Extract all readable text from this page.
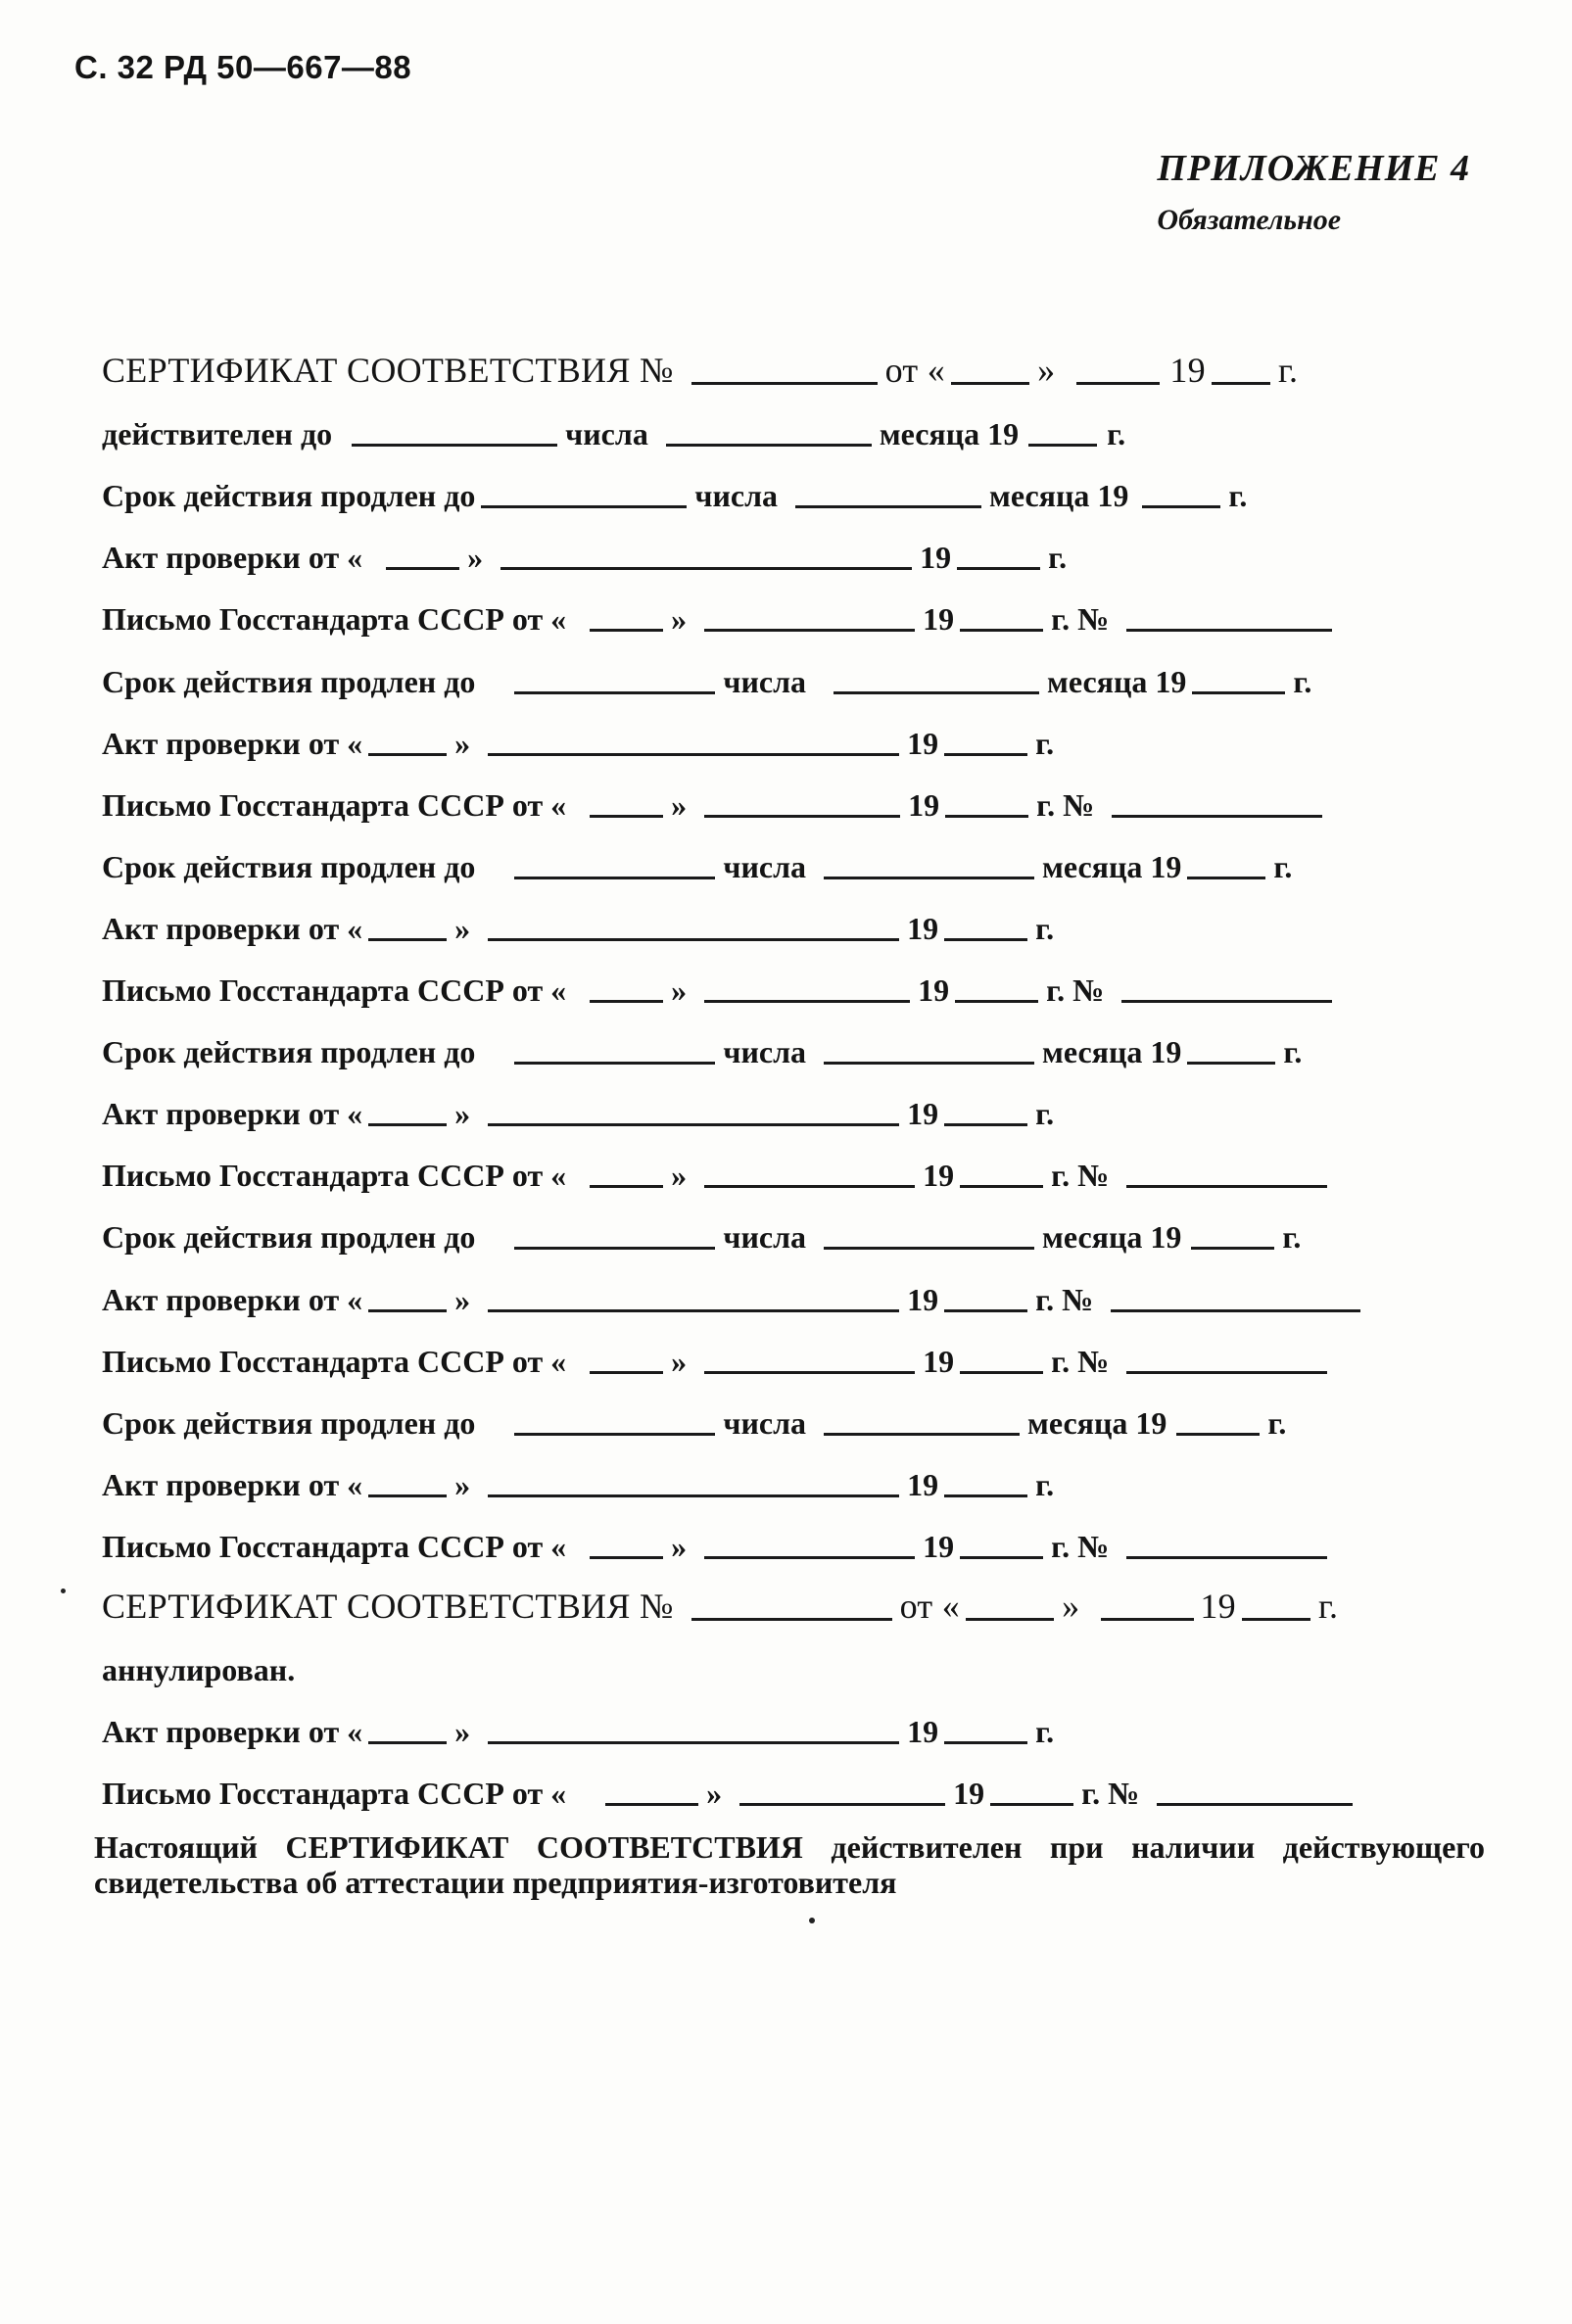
С. 32 РД 50—667—88
ПРИЛОЖЕНИЕ 4
Обязательное
СЕРТИФИКАТ СООТВЕТСТВИЯ №	от «	»	19 г.
действителен до	числа	месяца 19	г.
Срок действия продлен до	числа	месяца 19	г.
Акт проверки от «	»	19	г.
Письмо Госстандарта СССР от «	»	19	г. №
Срок действия продлен до	числа	месяца 19	г.
Акт проверки от «	»	19	г.
Письмо Госстандарта СССР от «	»	19	г. №
Срок действия продлен до	числа	месяца 19	г.
Акт проверки от «	»	19	г.
Письмо Госстандарта СССР от «	»	19	г. №
Срок действия продлен до	числа	месяца 19	г.
Акт проверки от «	»	19	г.
Письмо Госстандарта СССР от «	»	19	г. №
Срок действия продлен до	числа	месяца 19	г.
Акт проверки от «	»	19	г. №
Письмо Госстандарта СССР от «	»	19	г. №
Срок действия продлен до	числа	месяца 19	г.
Акт проверки от «	»	19	г.
Письмо Госстандарта СССР от «	»	19	г. №
СЕРТИФИКАТ СООТВЕТСТВИЯ №	от «	»	19 г.
аннулирован.
Акт проверки от «	»	19	г.
Письмо Госстандарта СССР от «	»	19	г. №
Настоящий СЕРТИФИКАТ СООТВЕТСТВИЯ действителен при наличии действующего свидетельства об аттестации предприятия-изготовителя
